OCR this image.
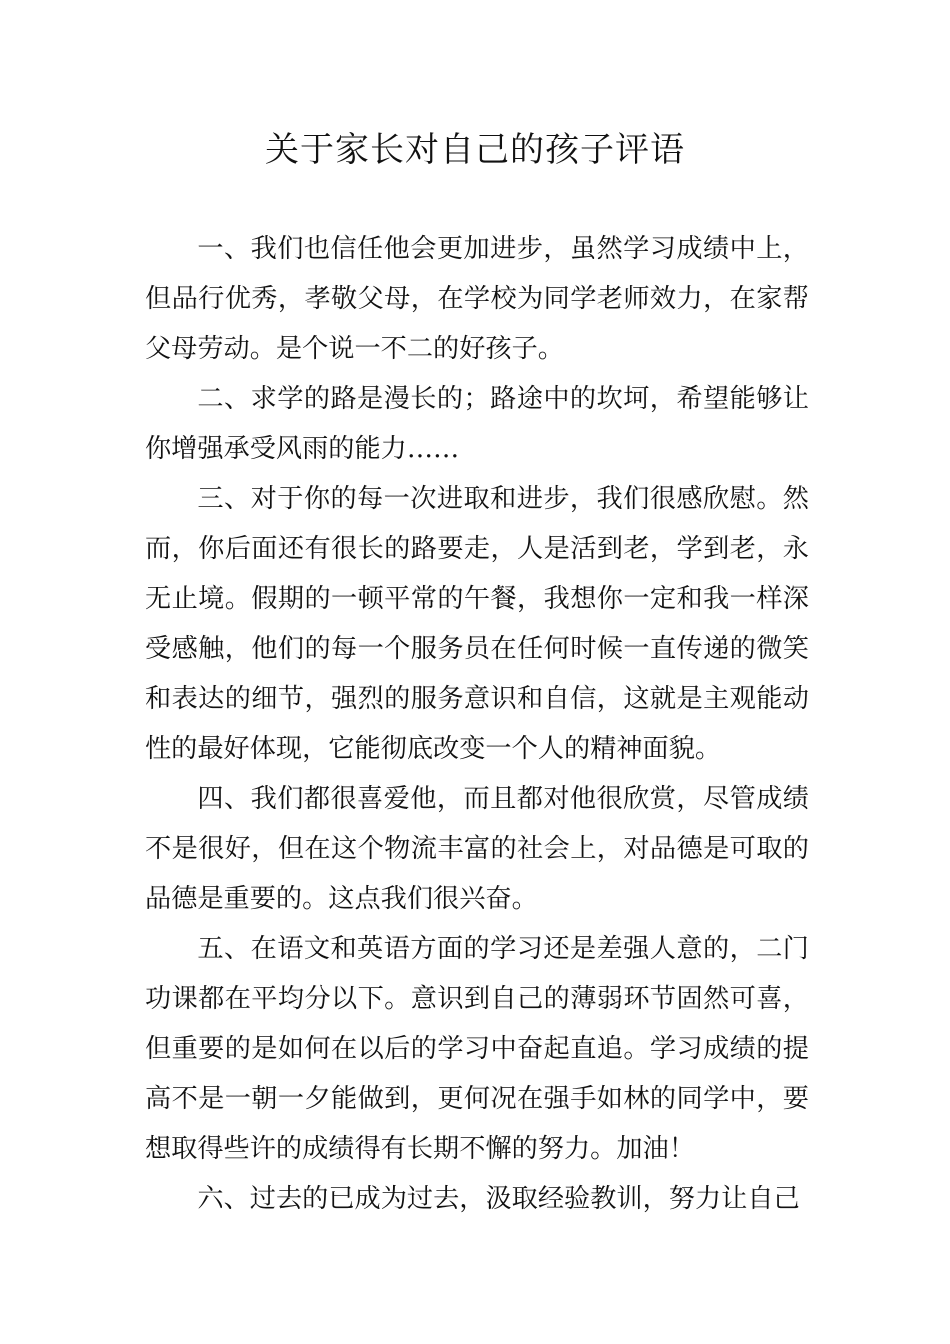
关于家长对自己的孩子评语

一、我们也信任他会更加进步，虽然学习成绩中上，但品行优秀，孝敬父母，在学校为同学老师效力，在家帮父母劳动。是个说一不二的好孩子。

二、求学的路是漫长的；路途中的坎坷，希望能够让你增强承受风雨的能力……

三、对于你的每一次进取和进步，我们很感欣慰。然而，你后面还有很长的路要走，人是活到老，学到老，永无止境。假期的一顿平常的午餐，我想你一定和我一样深受感触，他们的每一个服务员在任何时候一直传递的微笑和表达的细节，强烈的服务意识和自信，这就是主观能动性的最好体现，它能彻底改变一个人的精神面貌。

四、我们都很喜爱他，而且都对他很欣赏，尽管成绩不是很好，但在这个物流丰富的社会上，对品德是可取的品德是重要的。这点我们很兴奋。

五、在语文和英语方面的学习还是差强人意的，二门功课都在平均分以下。意识到自己的薄弱环节固然可喜，但重要的是如何在以后的学习中奋起直追。学习成绩的提高不是一朝一夕能做到，更何况在强手如林的同学中，要想取得些许的成绩得有长期不懈的努力。加油！

六、过去的已成为过去，汲取经验教训，努力让自己
